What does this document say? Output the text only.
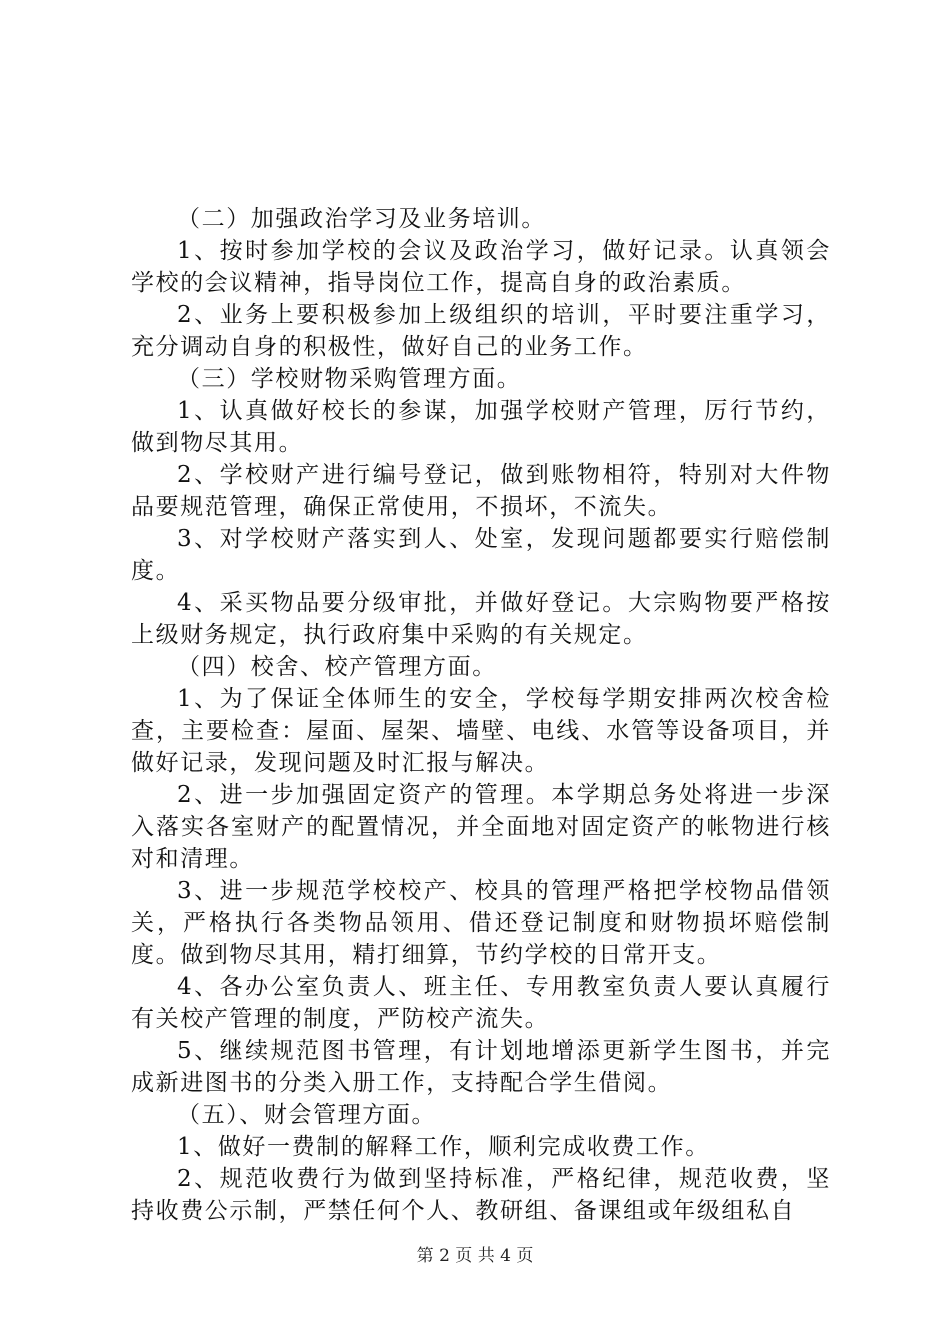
（二）加强政治学习及业务培训。

1、按时参加学校的会议及政治学习，做好记录。认真领会学校的会议精神，指导岗位工作，提高自身的政治素质。

2、业务上要积极参加上级组织的培训，平时要注重学习，充分调动自身的积极性，做好自己的业务工作。

（三）学校财物采购管理方面。

1、认真做好校长的参谋，加强学校财产管理，厉行节约，做到物尽其用。

2、学校财产进行编号登记，做到账物相符，特别对大件物品要规范管理，确保正常使用，不损坏，不流失。

3、对学校财产落实到人、处室，发现问题都要实行赔偿制度。

4、采买物品要分级审批，并做好登记。大宗购物要严格按上级财务规定，执行政府集中采购的有关规定。

（四）校舍、校产管理方面。

1、为了保证全体师生的安全，学校每学期安排两次校舍检查，主要检查：屋面、屋架、墙壁、电线、水管等设备项目，并做好记录，发现问题及时汇报与解决。

2、进一步加强固定资产的管理。本学期总务处将进一步深入落实各室财产的配置情况，并全面地对固定资产的帐物进行核对和清理。

3、进一步规范学校校产、校具的管理严格把学校物品借领关，严格执行各类物品领用、借还登记制度和财物损坏赔偿制度。做到物尽其用，精打细算，节约学校的日常开支。

4、各办公室负责人、班主任、专用教室负责人要认真履行有关校产管理的制度，严防校产流失。

5、继续规范图书管理，有计划地增添更新学生图书，并完成新进图书的分类入册工作，支持配合学生借阅。

（五）、财会管理方面。

1、做好一费制的解释工作，顺利完成收费工作。

2、规范收费行为做到坚持标准，严格纪律，规范收费，坚持收费公示制，严禁任何个人、教研组、备课组或年级组私自

第 2 页 共 4 页
